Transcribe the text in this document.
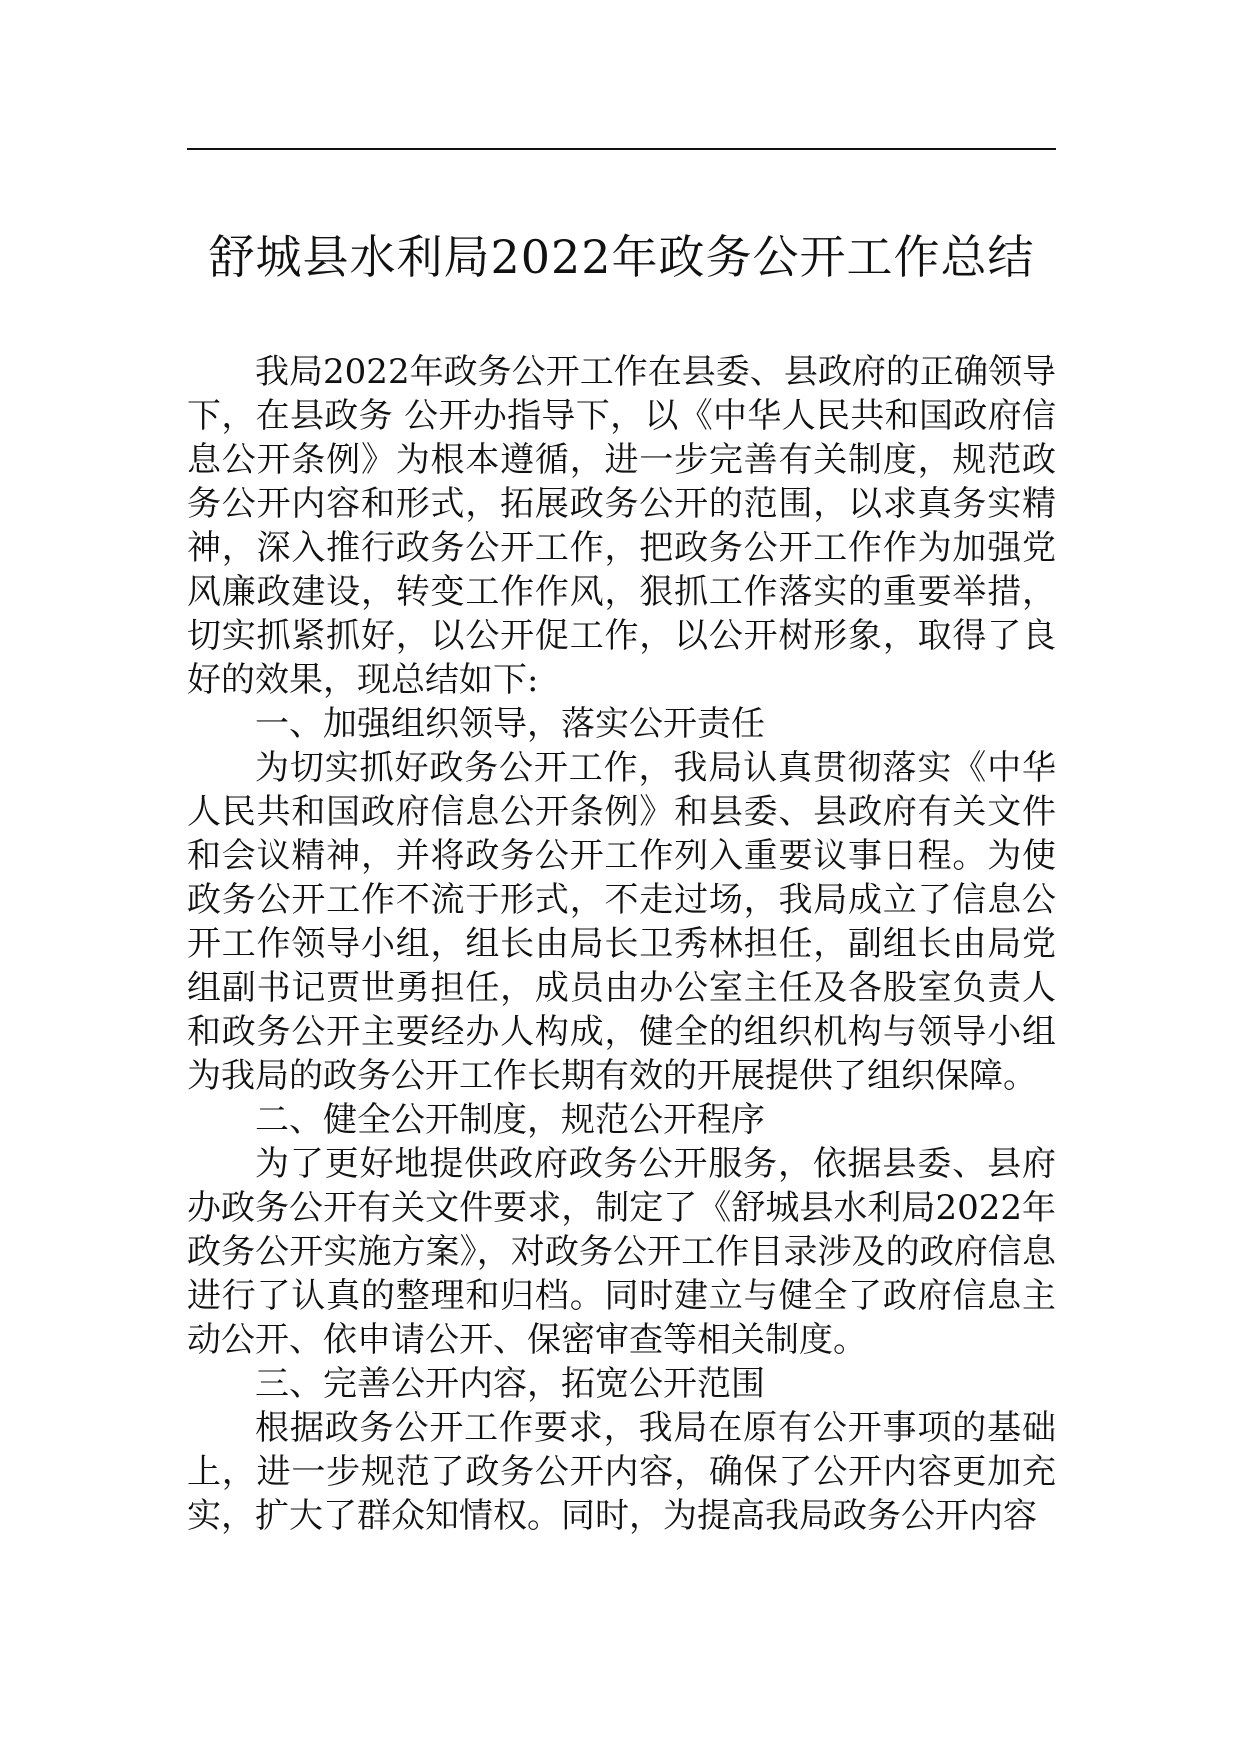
舒城县水利局2022年政务公开工作总结

我局2022年政务公开工作在县委、县政府的正确领导下，在县政务 公开办指导下，以《中华人民共和国政府信息公开条例》为根本遵循，进一步完善有关制度，规范政务公开内容和形式，拓展政务公开的范围，以求真务实精神，深入推行政务公开工作，把政务公开工作作为加强党风廉政建设，转变工作作风，狠抓工作落实的重要举措，切实抓紧抓好，以公开促工作，以公开树形象，取得了良好的效果，现总结如下:

一、加强组织领导，落实公开责任

为切实抓好政务公开工作，我局认真贯彻落实《中华人民共和国政府信息公开条例》和县委、县政府有关文件和会议精神，并将政务公开工作列入重要议事日程。为使政务公开工作不流于形式，不走过场，我局成立了信息公开工作领导小组，组长由局长卫秀林担任，副组长由局党组副书记贾世勇担任，成员由办公室主任及各股室负责人和政务公开主要经办人构成，健全的组织机构与领导小组为我局的政务公开工作长期有效的开展提供了组织保障。

二、健全公开制度，规范公开程序

为了更好地提供政府政务公开服务，依据县委、县府办政务公开有关文件要求，制定了《舒城县水利局2022年政务公开实施方案》，对政务公开工作目录涉及的政府信息进行了认真的整理和归档。同时建立与健全了政府信息主动公开、依申请公开、保密审查等相关制度。

三、完善公开内容，拓宽公开范围

根据政务公开工作要求，我局在原有公开事项的基础上，进一步规范了政务公开内容，确保了公开内容更加充实，扩大了群众知情权。同时，为提高我局政务公开内容
